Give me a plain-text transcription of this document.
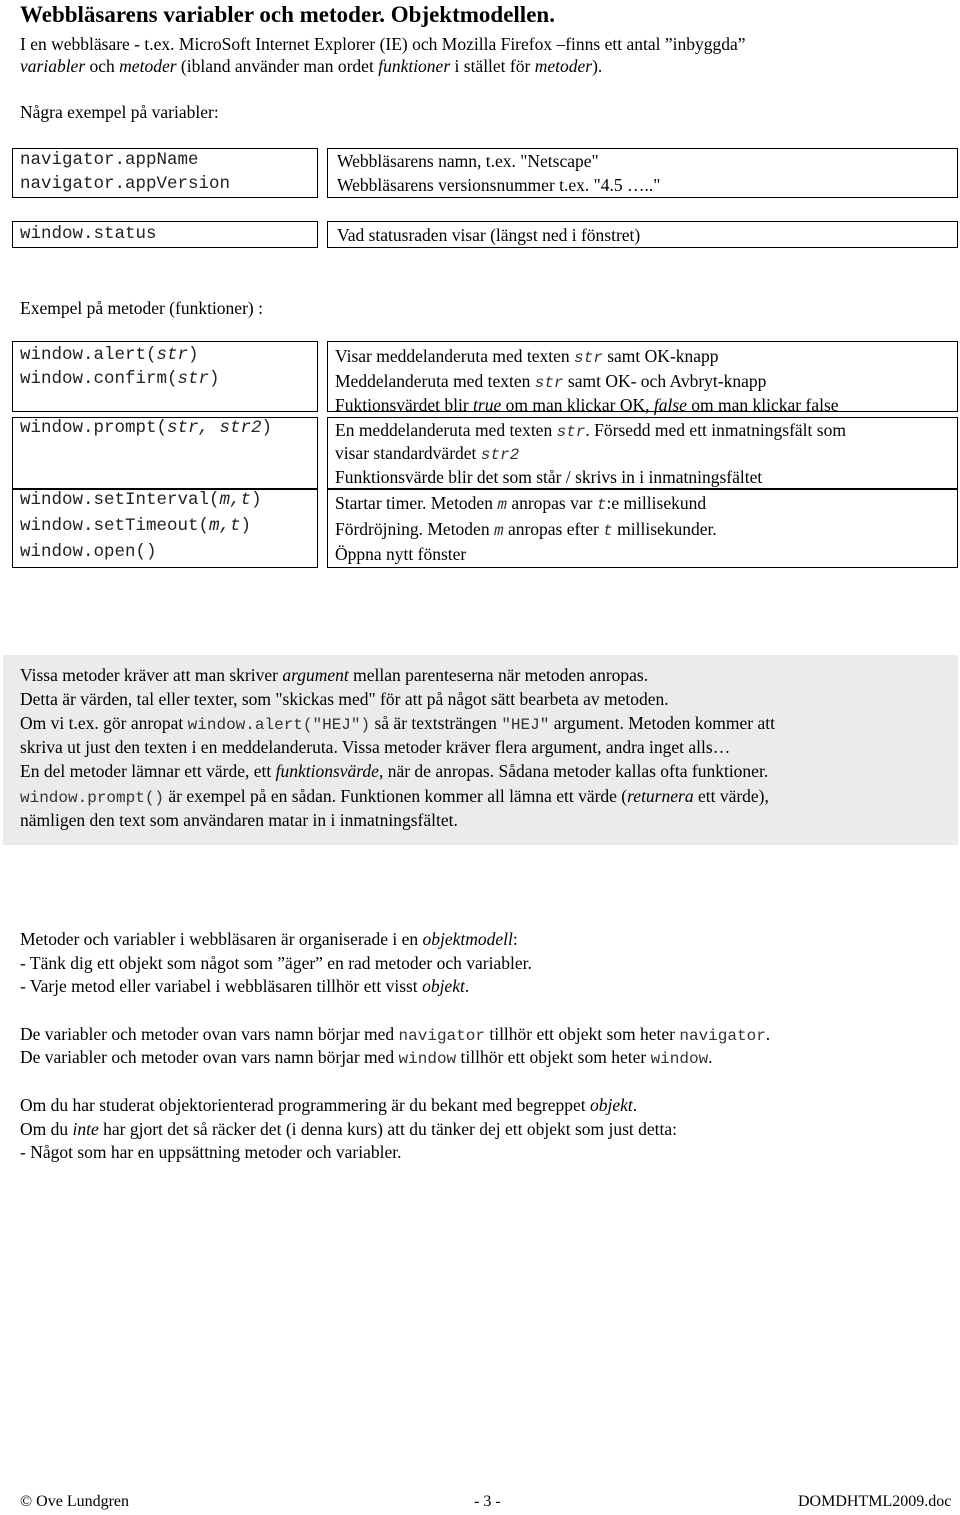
Webbläsarens variabler och metoder. Objektmodellen.
I en webbläsare - t.ex. MicroSoft Internet Explorer (IE) och Mozilla Firefox –finns ett antal ”inbyggda”
variabler och metoder (ibland använder man ordet funktioner i stället för metoder).
Några exempel på variabler:
navigator.appName	Webbläsarens namn, t.ex. "Netscape"
navigator.appVersion	Webbläsarens versionsnummer t.ex. "4.5 ….."
window.status	Vad statusraden visar (längst ned i fönstret)
Exempel på metoder (funktioner) :
window.alert(str)	Visar meddelanderuta med texten str samt OK-knapp
window.confirm(str)	Meddelanderuta med texten str samt OK- och Avbryt-knapp
Fuktionsvärdet blir true om man klickar OK, false om man klickar false
window.prompt(str, str2)	En meddelanderuta med texten str. Försedd med ett inmatningsfält som
visar standardvärdet str2
Funktionsvärde blir det som står / skrivs in i inmatningsfältet
window.setInterval(m,t)	Startar timer. Metoden m anropas var t:e millisekund
window.setTimeout(m,t)	Fördröjning. Metoden m anropas efter t millisekunder.
window.open()	Öppna nytt fönster
Vissa metoder kräver att man skriver argument mellan parenteserna när metoden anropas.
Detta är värden, tal eller texter, som "skickas med" för att på något sätt bearbeta av metoden.
Om vi t.ex. gör anropat window.alert("HEJ") så är textsträngen "HEJ" argument. Metoden kommer att
skriva ut just den texten i en meddelanderuta. Vissa metoder kräver flera argument, andra inget alls…
En del metoder lämnar ett värde, ett funktionsvärde, när de anropas. Sådana metoder kallas ofta funktioner.
window.prompt() är exempel på en sådan. Funktionen kommer all lämna ett värde (returnera ett värde),
nämligen den text som användaren matar in i inmatningsfältet.
Metoder och variabler i webbläsaren är organiserade i en objektmodell:
- Tänk dig ett objekt som något som ”äger” en rad metoder och variabler.
- Varje metod eller variabel i webbläsaren tillhör ett visst objekt.
De variabler och metoder ovan vars namn börjar med navigator tillhör ett objekt som heter navigator.
De variabler och metoder ovan vars namn börjar med window tillhör ett objekt som heter window.
Om du har studerat objektorienterad programmering är du bekant med begreppet objekt.
Om du inte har gjort det så räcker det (i denna kurs) att du tänker dej ett objekt som just detta:
- Något som har en uppsättning metoder och variabler.
© Ove Lundgren	- 3 -	DOMDHTML2009.doc
